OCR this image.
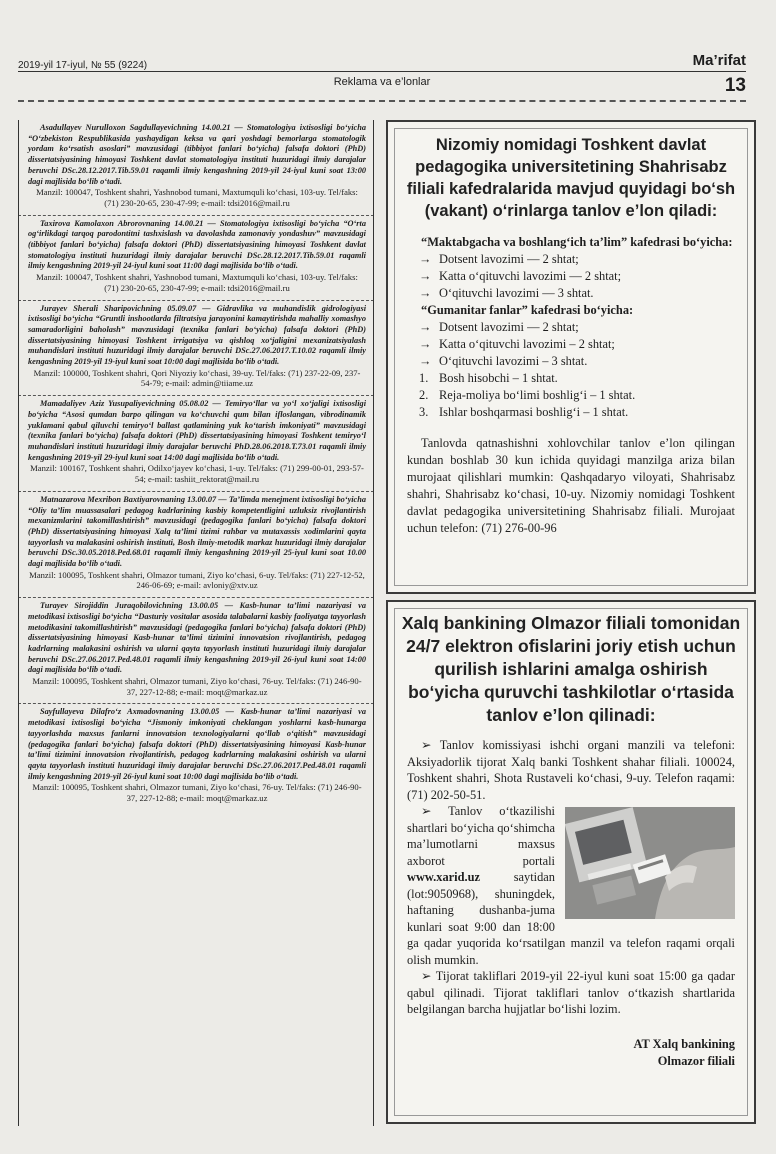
2019-yil 17-iyul, № 55 (9224)	Ma’rifat
Reklama va e’lonlar	13
Asadullayev Nurulloxon Sagdullayevichning 14.00.21 — Stomatologiya ixtisosligi bo‘yicha “O‘zbekiston Respublikasida yashaydigan keksa va qari yoshdagi bemorlarga stomatologik yordam ko‘rsatish asoslari” mavzusidagi (tibbiyot fanlari bo‘yicha) falsafa doktori (PhD) dissertatsiyasining himoyasi Toshkent davlat stomatologiya instituti huzuridagi ilmiy darajalar beruvchi DSc.28.12.2017.Tib.59.01 raqamli ilmiy kengashning 2019-yil 24-iyul kuni soat 13:00 dagi majlisida bo‘lib o‘tadi.
Manzil: 100047, Toshkent shahri, Yashnobod tumani, Maxtumquli ko‘chasi, 103-uy. Tel/faks: (71) 230-20-65, 230-47-99; e-mail: tdsi2016@mail.ru
Taxirova Kamolaxon Abrorovnaning 14.00.21 — Stomatologiya ixtisosligi bo‘yicha “O‘rta og‘irlikdagi tarqoq parodontitni tashxislash va davolashda zamonaviy yondashuv” mavzusidagi (tibbiyot fanlari bo‘yicha) falsafa doktori (PhD) dissertatsiyasining himoyasi Toshkent davlat stomatologiya instituti huzuridagi ilmiy darajalar beruvchi DSc.28.12.2017.Tib.59.01 raqamli ilmiy kengashning 2019-yil 24-iyul kuni soat 11:00 dagi majlisida bo‘lib o‘tadi.
Manzil: 100047, Toshkent shahri, Yashnobod tumani, Maxtumquli ko‘chasi, 103-uy. Tel/faks: (71) 230-20-65, 230-47-99; e-mail: tdsi2016@mail.ru
Jurayev Sherali Sharipovichning 05.09.07 — Gidravlika va muhandislik gidrologiyasi ixtisosligi bo‘yicha “Gruntli inshootlarda filtratsiya jarayonini kamaytirishda mahalliy xomashyo samaradorligini baholash” mavzusidagi (texnika fanlari bo‘yicha) falsafa doktori (PhD) dissertatsiyasining himoyasi Toshkent irrigatsiya va qishloq xo‘jaligini mexanizatsiyalash muhandislari instituti huzuridagi ilmiy darajalar beruvchi DSc.27.06.2017.T.10.02 raqamli ilmiy kengashning 2019-yil 19-iyul kuni soat 10:00 dagi majlisida bo‘lib o‘tadi.
Manzil: 100000, Toshkent shahri, Qori Niyoziy ko‘chasi, 39-uy. Tel/faks: (71) 237-22-09, 237-54-79; e-mail: admin@tiiame.uz
Mamadaliyev Aziz Yusupaliyevichning 05.08.02 — Temiryo‘llar va yo‘l xo‘jaligi ixtisosligi bo‘yicha “Asosi qumdan barpo qilingan va ko‘chuvchi qum bilan ifloslangan, vibrodinamik yuklamani qabul qiluvchi temiryo‘l ballast qatlamining yuk ko‘tarish imkoniyati” mavzusidagi (texnika fanlari bo‘yicha) falsafa doktori (PhD) dissertatsiyasining himoyasi Toshkent temiryo‘l muhandislari instituti huzuridagi ilmiy darajalar beruvchi PhD.28.06.2018.T.73.01 raqamli ilmiy kengashning 2019-yil 29-iyul kuni soat 14:00 dagi majlisida bo‘lib o‘tadi.
Manzil: 100167, Toshkent shahri, Odilxo‘jayev ko‘chasi, 1-uy. Tel/faks: (71) 299-00-01, 293-57-54; e-mail: tashiit_rektorat@mail.ru
Matnazarova Mexribon Baxtiyarovnaning 13.00.07 — Ta’limda menejment ixtisosligi bo‘yicha “Oliy ta’lim muassasalari pedagog kadrlarining kasbiy kompetentligini uzluksiz rivojlantirish mexanizmlarini takomillashtirish” mavzusidagi (pedagogika fanlari bo‘yicha) falsafa doktori (PhD) dissertatsiyasining himoyasi Xalq ta’limi tizimi rahbar va mutaxassis xodimlarini qayta tayyorlash va malakasini oshirish instituti, Bosh ilmiy-metodik markaz huzuridagi ilmiy darajalar beruvchi DSc.30.05.2018.Ped.68.01 raqamli ilmiy kengashning 2019-yil 25-iyul kuni soat 10.00 dagi majlisida bo‘lib o‘tadi.
Manzil: 100095, Toshkent shahri, Olmazor tumani, Ziyo ko‘chasi, 6-uy. Tel/faks: (71) 227-12-52, 246-06-69; e-mail: avloniy@xtv.uz
Turayev Sirojiddin Juraqobilovichning 13.00.05 — Kasb-hunar ta’limi nazariyasi va metodikasi ixtisosligi bo‘yicha “Dasturiy vositalar asosida talabalarni kasbiy faoliyatga tayyorlash metodikasini takomillashtirish” mavzusidagi (pedagogika fanlari bo‘yicha) falsafa doktori (PhD) dissertatsiyasining himoyasi Kasb-hunar ta’limi tizimini innovatsion rivojlantirish, pedagog kadrlarning malakasini oshirish va ularni qayta tayyorlash instituti huzuridagi ilmiy darajalar beruvchi DSc.27.06.2017.Ped.48.01 raqamli ilmiy kengashning 2019-yil 26-iyul kuni soat 14:00 dagi majlisida bo‘lib o‘tadi.
Manzil: 100095, Toshkent shahri, Olmazor tumani, Ziyo ko‘chasi, 76-uy. Tel/faks: (71) 246-90-37, 227-12-88; e-mail: moqt@markaz.uz
Sayfullayeva Dilafro‘z Axmadovnaning 13.00.05 — Kasb-hunar ta’limi nazariyasi va metodikasi ixtisosligi bo‘yicha “Jismoniy imkoniyati cheklangan yoshlarni kasb-hunarga tayyorlashda maxsus fanlarni innovatsion texnologiyalarni qo‘llab o‘qitish” mavzusidagi (pedagogika fanlari bo‘yicha) falsafa doktori (PhD) dissertatsiyasining himoyasi Kasb-hunar ta’limi tizimini innovatsion rivojlantirish, pedagog kadrlarning malakasini oshirish va ularni qayta tayyorlash instituti huzuridagi ilmiy darajalar beruvchi DSc.27.06.2017.Ped.48.01 raqamli ilmiy kengashning 2019-yil 26-iyul kuni soat 10:00 dagi majlisida bo‘lib o‘tadi.
Manzil: 100095, Toshkent shahri, Olmazor tumani, Ziyo ko‘chasi, 76-uy. Tel/faks: (71) 246-90-37, 227-12-88; e-mail: moqt@markaz.uz
Nizomiy nomidagi Toshkent davlat pedagogika universitetining Shahrisabz filiali kafedralarida mavjud quyidagi bo‘sh (vakant) o‘rinlarga tanlov e’lon qiladi:
“Maktabgacha va boshlang‘ich ta’lim” kafedrasi bo‘yicha:
→ Dotsent lavozimi — 2 shtat;
→ Katta o‘qituvchi lavozimi — 2 shtat;
→ O‘qituvchi lavozimi — 3 shtat.
“Gumanitar fanlar” kafedrasi bo‘yicha:
→ Dotsent lavozimi — 2 shtat;
→ Katta o‘qituvchi lavozimi – 2 shtat;
→ O‘qituvchi lavozimi – 3 shtat.
1. Bosh hisobchi – 1 shtat.
2. Reja-moliya bo‘limi boshlig‘i – 1 shtat.
3. Ishlar boshqarmasi boshlig‘i – 1 shtat.
Tanlovda qatnashishni xohlovchilar tanlov e’lon qilingan kundan boshlab 30 kun ichida quyidagi manzilga ariza bilan murojaat qilishlari mumkin: Qashqadaryo viloyati, Shahrisabz shahri, Shahrisabz ko‘chasi, 10-uy. Nizomiy nomidagi Toshkent davlat pedagogika universitetining Shahrisabz filiali. Murojaat uchun telefon: (71) 276-00-96
Xalq bankining Olmazor filiali tomonidan 24/7 elektron ofislarini joriy etish uchun qurilish ishlarini amalga oshirish bo‘yicha quruvchi tashkilotlar o‘rtasida tanlov e’lon qilinadi:
➢ Tanlov komissiyasi ishchi organi manzili va telefoni: Aksiyadorlik tijorat Xalq banki Toshkent shahar filiali. 100024, Toshkent shahri, Shota Rustaveli ko‘chasi, 9-uy. Telefon raqami: (71) 202-50-51.
➢ Tanlov o‘tkazilishi shartlari bo‘yicha qo‘shimcha ma’lumotlarni maxsus axborot portali www.xarid.uz	saytidan (lot:9050968), shuningdek, haftaning dushanba-juma kunlari soat 9:00 dan 18:00 ga qadar yuqorida ko‘rsatilgan manzil va telefon raqami orqali olish mumkin.
➢ Tijorat takliflari 2019-yil 22-iyul kuni soat 15:00 ga qadar qabul qilinadi. Tijorat takliflari tanlov o‘tkazish shartlarida belgilangan barcha hujjatlar bo‘lishi lozim.
AT Xalq bankining
Olmazor filiali
